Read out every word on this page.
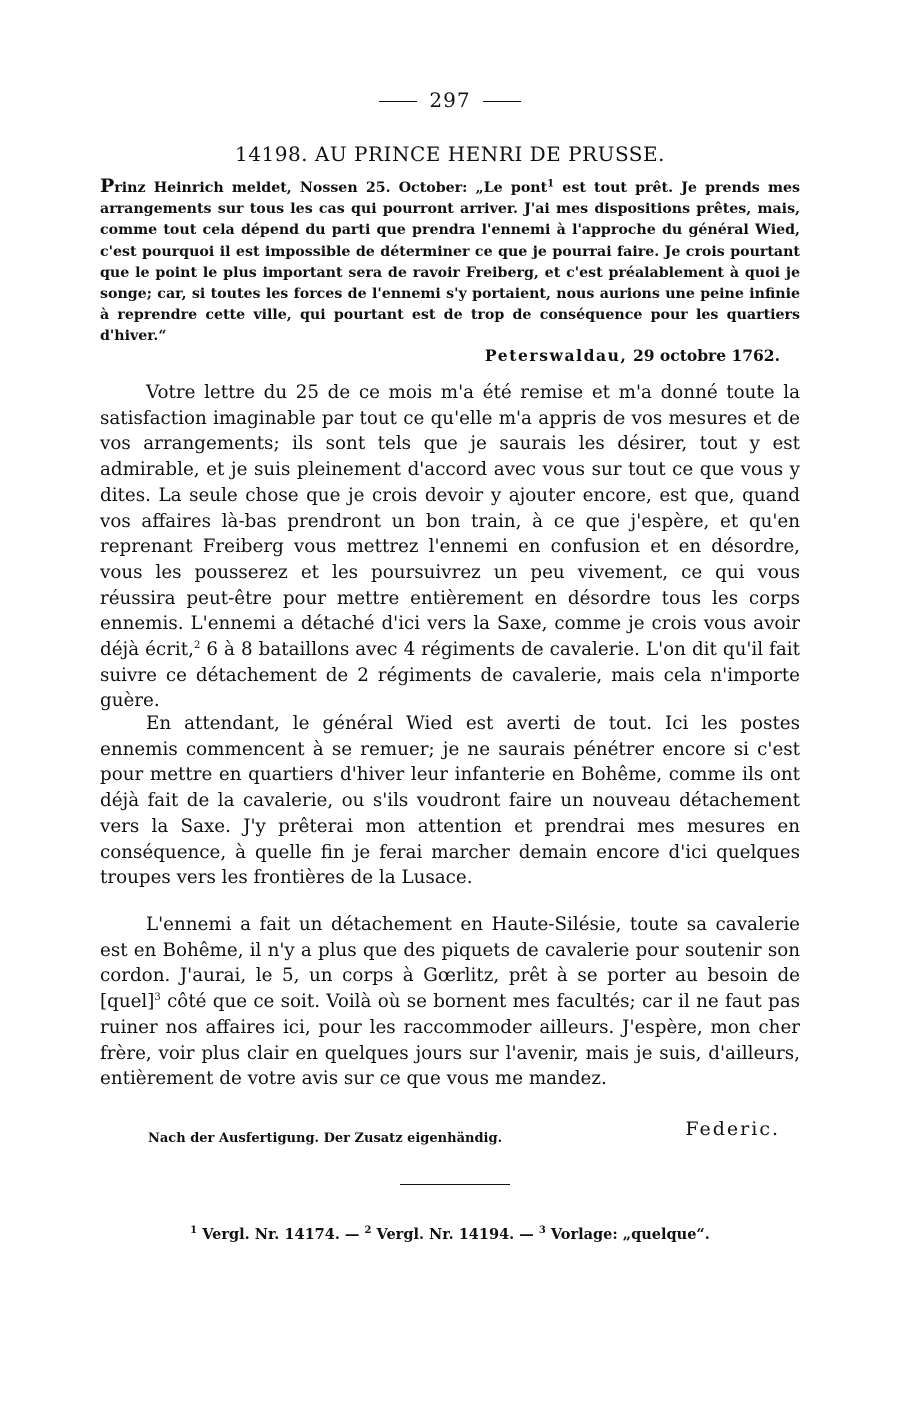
297
14198. AU PRINCE HENRI DE PRUSSE.
Prinz Heinrich meldet, Nossen 25. October: „Le pont$^1$ est tout prêt. Je prends mes arrangements sur tous les cas qui pourront arriver. J'ai mes dispositions prêtes, mais, comme tout cela dépend du parti que prendra l'ennemi à l'approche du général Wied, c'est pourquoi il est impossible de déterminer ce que je pourrai faire. Je crois pourtant que le point le plus important sera de ravoir Freiberg, et c'est préalablement à quoi je songe; car, si toutes les forces de l'ennemi s'y portaient, nous aurions une peine infinie à reprendre cette ville, qui pourtant est de trop de conséquence pour les quartiers d'hiver.“
Peterswaldau, 29 octobre 1762.

Votre lettre du 25 de ce mois m'a été remise et m'a donné toute la satisfaction imaginable par tout ce qu'elle m'a appris de vos mesures et de vos arrangements; ils sont tels que je saurais les désirer, tout y est admirable, et je suis pleinement d'accord avec vous sur tout ce que vous y dites. La seule chose que je crois devoir y ajouter encore, est que, quand vos affaires là-bas prendront un bon train, à ce que j'espère, et qu'en reprenant Freiberg vous mettrez l'ennemi en confusion et en désordre, vous les pousserez et les poursuivrez un peu vivement, ce qui vous réussira peut-être pour mettre entièrement en désordre tous les corps ennemis. L'ennemi a détaché d'ici vers la Saxe, comme je crois vous avoir déjà écrit,$^2$ 6 à 8 bataillons avec 4 régiments de cavalerie. L'on dit qu'il fait suivre ce détachement de 2 régiments de cavalerie, mais cela n'importe guère.

En attendant, le général Wied est averti de tout. Ici les postes ennemis commencent à se remuer; je ne saurais pénétrer encore si c'est pour mettre en quartiers d'hiver leur infanterie en Bohême, comme ils ont déjà fait de la cavalerie, ou s'ils voudront faire un nouveau détachement vers la Saxe. J'y prêterai mon attention et prendrai mes mesures en conséquence, à quelle fin je ferai marcher demain encore d'ici quelques troupes vers les frontières de la Lusace.

L'ennemi a fait un détachement en Haute-Silésie, toute sa cavalerie est en Bohême, il n'y a plus que des piquets de cavalerie pour soutenir son cordon. J'aurai, le 5, un corps à Gœrlitz, prêt à se porter au besoin de [quel]$^3$ côté que ce soit. Voilà où se bornent mes facultés; car il ne faut pas ruiner nos affaires ici, pour les raccommoder ailleurs. J'espère, mon cher frère, voir plus clair en quelques jours sur l'avenir, mais je suis, d'ailleurs, entièrement de votre avis sur ce que vous me mandez.

Nach der Ausfertigung. Der Zusatz eigenhändig.	Federic.
$^1$ Vergl. Nr. 14174. — $^2$ Vergl. Nr. 14194. — $^3$ Vorlage: „quelque“.
